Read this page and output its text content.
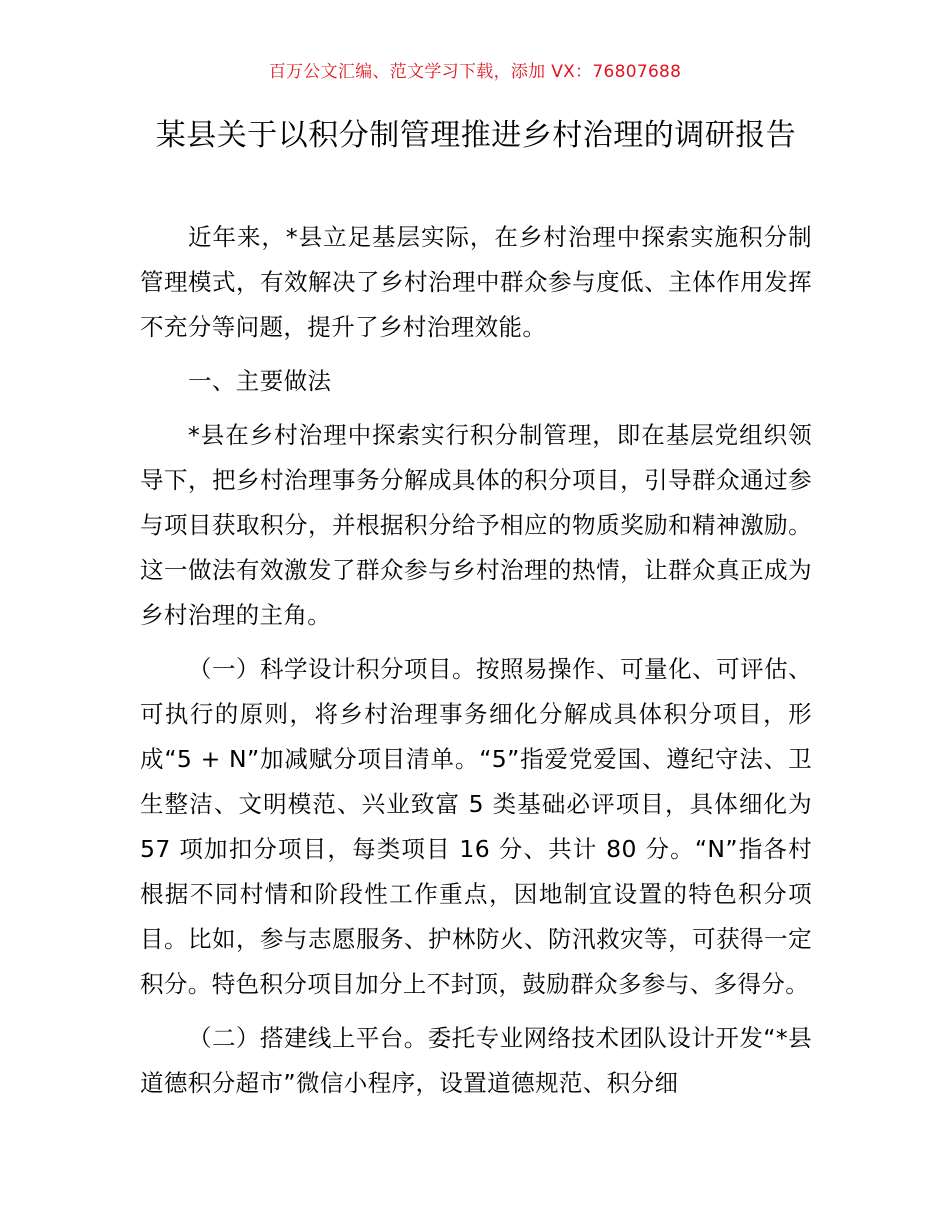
百万公文汇编、范文学习下载，添加 VX：76807688
某县关于以积分制管理推进乡村治理的调研报告

近年来，*县立足基层实际，在乡村治理中探索实施积分制管理模式，有效解决了乡村治理中群众参与度低、主体作用发挥不充分等问题，提升了乡村治理效能。

一、主要做法

*县在乡村治理中探索实行积分制管理，即在基层党组织领导下，把乡村治理事务分解成具体的积分项目，引导群众通过参与项目获取积分，并根据积分给予相应的物质奖励和精神激励。这一做法有效激发了群众参与乡村治理的热情，让群众真正成为乡村治理的主角。

（一）科学设计积分项目。按照易操作、可量化、可评估、可执行的原则，将乡村治理事务细化分解成具体积分项目，形成“5 + N”加减赋分项目清单。“5”指爱党爱国、遵纪守法、卫生整洁、文明模范、兴业致富 5 类基础必评项目，具体细化为 57 项加扣分项目，每类项目 16 分、共计 80 分。“N”指各村根据不同村情和阶段性工作重点，因地制宜设置的特色积分项目。比如，参与志愿服务、护林防火、防汛救灾等，可获得一定积分。特色积分项目加分上不封顶，鼓励群众多参与、多得分。

（二）搭建线上平台。委托专业网络技术团队设计开发“*县道德积分超市”微信小程序，设置道德规范、积分细
